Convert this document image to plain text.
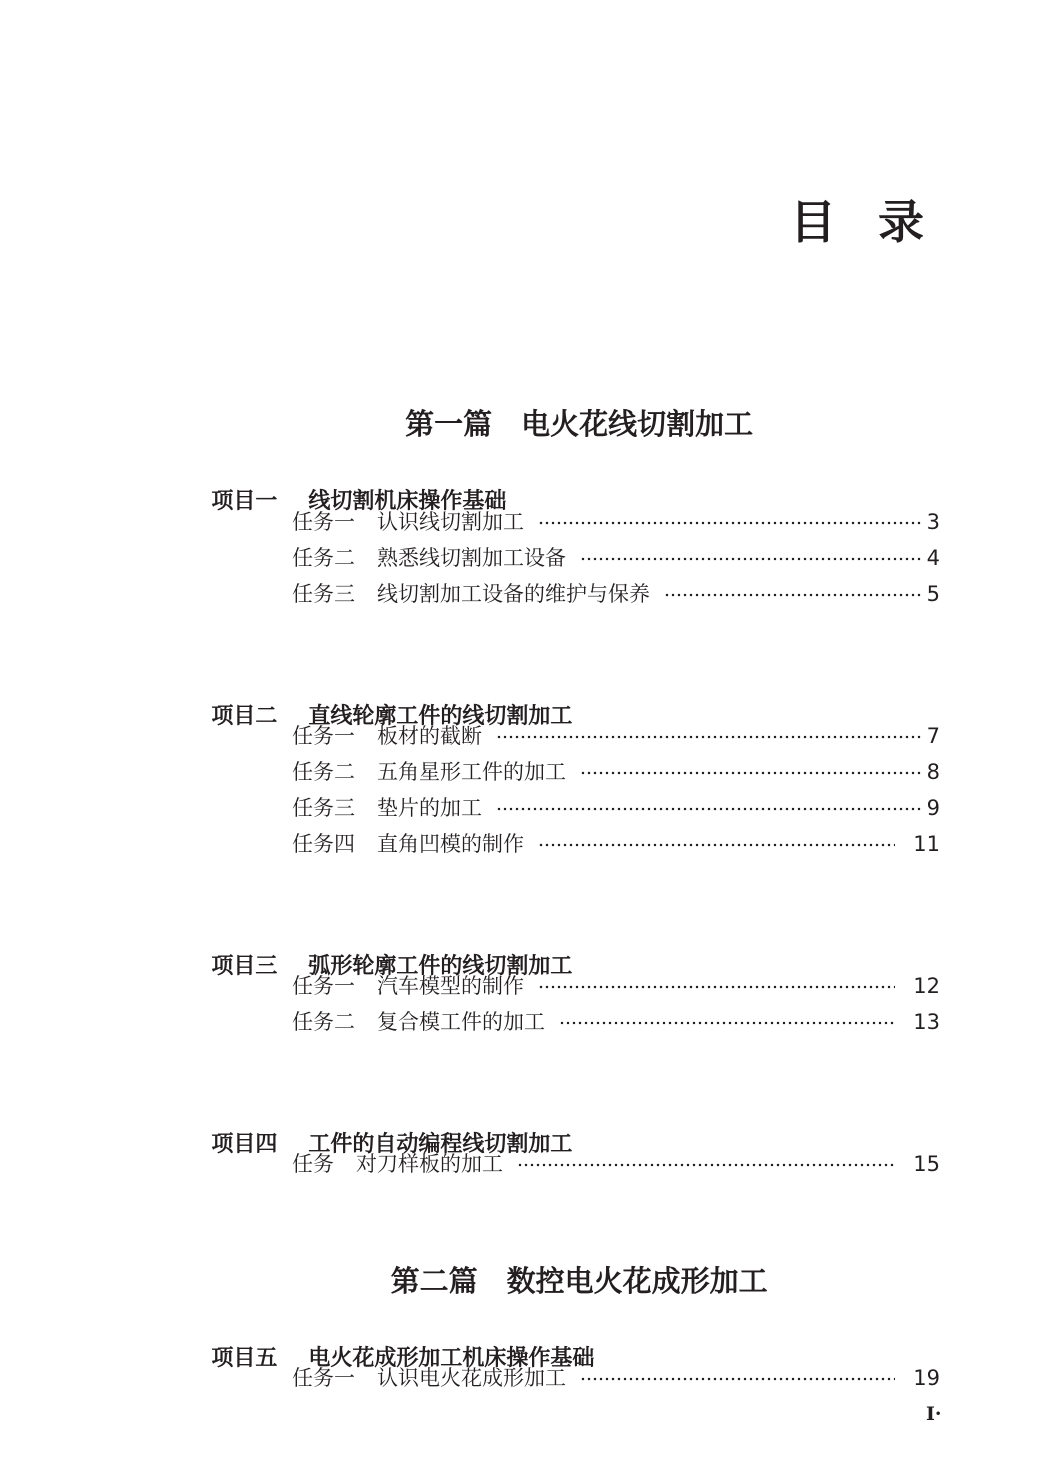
目录

第一篇　 电火花线切割加工

项目一 线切割机床操作基础

任务一 认识线切割加工	3
任务二 熟悉线切割加工设备	4
任务三 线切割加工设备的维护与保养	5

项目二 直线轮廓工件的线切割加工

任务一 板材的截断	7
任务二 五角星形工件的加工	8
任务三 垫片的加工	9
任务四 直角凹模的制作	11

项目三 弧形轮廓工件的线切割加工

任务一 汽车模型的制作	12
任务二 复合模工件的加工	13

项目四 工件的自动编程线切割加工

任务 对刀样板的加工	15

第二篇　 数控电火花成形加工

项目五 电火花成形加工机床操作基础

任务一 认识电火花成形加工	19
I·
